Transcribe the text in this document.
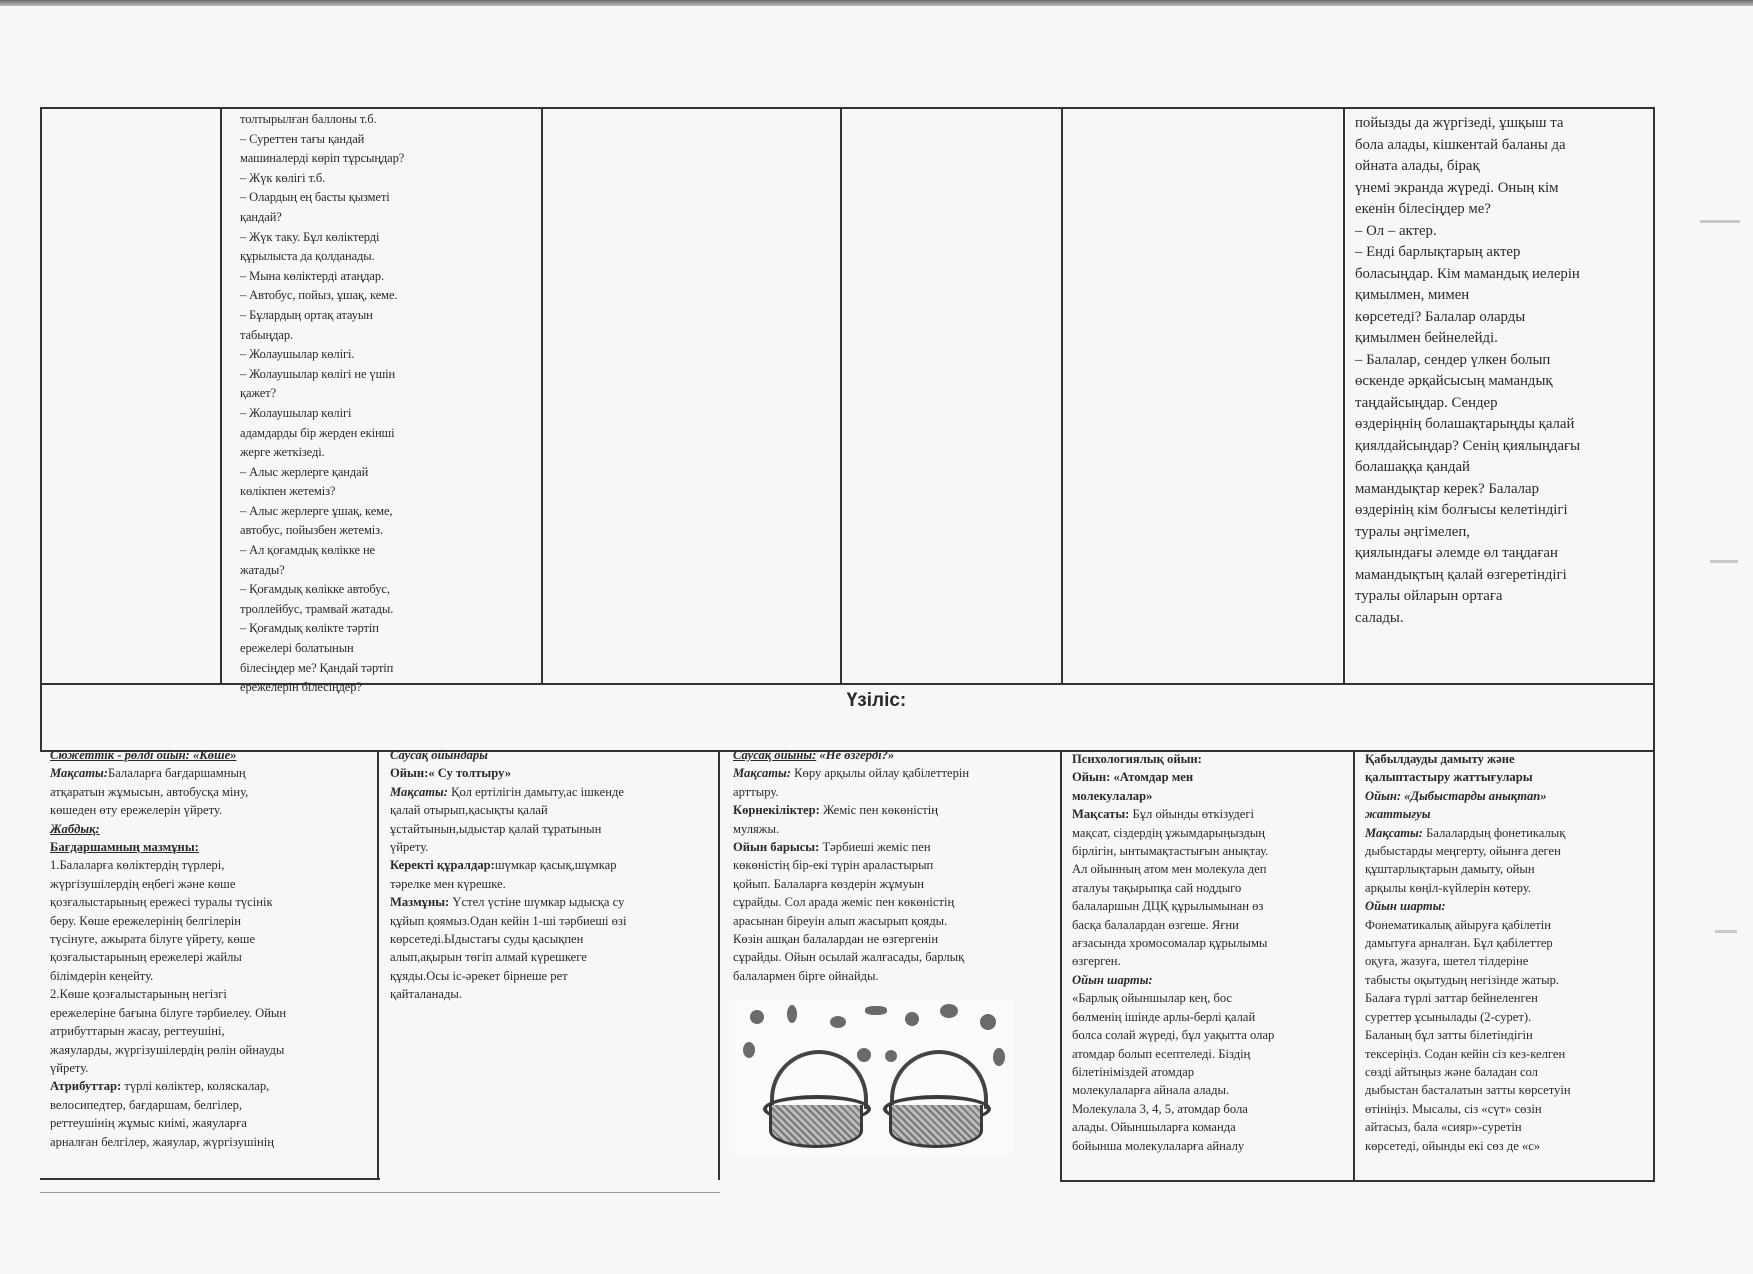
толтырылған баллоны т.б.
– Суреттен тағы қандай
машиналерді көріп тұрсыңдар?
– Жүк көлігі т.б.
– Олардың ең басты қызметі
қандай?
– Жүк таку. Бұл көліктерді
құрылыста да қолданады.
– Мына көліктерді атаңдар.
– Автобус, пойыз, ұшақ, кеме.
– Бұлардың ортақ атауын
табыңдар.
– Жолаушылар көлігі.
– Жолаушылар көлігі не үшін
қажет?
– Жолаушылар көлігі
адамдарды бір жерден екінші
жерге жеткізеді.
– Алыс жерлерге қандай
көлікпен жетеміз?
– Алыс жерлерге ұшақ, кеме,
автобус, пойызбен жетеміз.
– Ал қоғамдық көлікке не
жатады?
– Қоғамдық көлікке автобус,
троллейбус, трамвай жатады.
– Қоғамдық көлікте тәртіп
ережелері болатынын
білесіңдер ме? Қандай тәртіп
ережелерін білесіңдер?
пойызды да жүргізеді, ұшқыш та
бола алады, кішкентай баланы да
ойната алады, бірақ
үнемі экранда жүреді. Оның кім
екенін білесіңдер ме?
– Ол – актер.
– Енді барлықтарың актер
боласыңдар. Кім мамандық иелерін
қимылмен, мимен
көрсетеді? Балалар оларды
қимылмен бейнелейді.
– Балалар, сендер үлкен болып
өскенде әрқайсысың мамандық
таңдайсыңдар. Сендер
өздеріңнің болашақтарыңды қалай
қиялдайсыңдар? Сенің қиялыңдағы
болашаққа қандай
мамандықтар керек? Балалар
өздерінің кім болғысы келетіндігі
туралы әңгімелеп,
қиялындағы әлемде өл таңдаған
мамандықтың қалай өзгеретіндігі
туралы ойларын ортаға
салады.
Үзіліс:
Сюжеттік - рөлді ойын: «Көше»
Мақсаты:Балаларға бағдаршамның
атқаратын жұмысын, автобусқа міну,
көшеден өту ережелерін үйрету.
Жабдық:
Бағдаршамның мазмұны:
1.Балаларға көліктердің түрлері,
жүргізушілердің еңбегі және көше
қозғалыстарының ережесі туралы түсінік
беру. Көше ережелерінің белгілерін
түсінуге, ажырата білуге үйрету, көше
қозғалыстарының ережелері жайлы
білімдерін кеңейту.
2.Көше қозғалыстарының негізгі
ережелеріне бағына білуге тәрбиелеу. Ойын
атрибуттарын жасау, регтеушіні,
жаяуларды, жүргізушілердің рөлін ойнауды
үйрету.
Атрибуттар: түрлі көліктер, коляскалар,
велосипедтер, бағдаршам, белгілер,
реттеушінің жұмыс киімі, жаяуларға
арналған белгілер, жаяулар, жүргізушінің
Саусақ ойындары
Ойын:« Су толтыру»
Мақсаты: Қол epтілігін дамыту,ас ішкенде
қалай отырып,қасықты қалай
ұстайтынын,ыдыстар қалай тұратынын
үйрету.
Керекті құралдар:шүмкар қасық,шұмкар
тәрелке мен күрешке.
Мазмұны: Үстел үстіне шүмкар ыдысқа су
құйып қоямыз.Одан кейін 1-ші тәрбиеші өзі
көрсетеді.Ыдыстағы суды қасықпен
алып,ақырын төгіп алмай күрешкеге
құяды.Осы іс-әрекет бірнеше рет
қайталанады.
Саусақ ойыны: «Не өзгерді?»
Мақсаты: Көру арқылы ойлау қабілеттерін
арттыру.
Көрнекіліктер: Жеміс пен көкөністің
муляжы.
Ойын барысы: Тәрбиеші жеміс пен
көкөністің бір-екі түрін араластырып
қойып. Балаларға көздерін жұмуын
сұрайды. Сол арада жеміс пен көкөністің
арасынан біреуін алып жасырып қояды.
Көзін ашқан балалардан не өзгергенін
сұрайды. Ойын осылай жалғасады, барлық
балалармен бірге ойнайды.
Психологиялық ойын:
Ойын: «Атомдар мен
молекулалар»
Мақсаты: Бұл ойынды өткізудегі
мақсат, сіздердің ұжымдарыңыздың
бірлігін, ынтымақтастығын анықтау.
Ал ойынның атом мен молекула деп
аталуы тақырыпқа сай ноддыго
балаларшын ДЦҚ құрылымынан өз
басқа балалардан өзгеше. Яғни
ағзасында хромосомалар құрылымы
өзгерген.
Ойын шарты:
«Барлық ойыншылар кең, бос
бөлменің ішінде арлы-берлі қалай
болса солай жүреді, бұл уақытта олар
атомдар болып есептеледі. Біздің
білетініміздей атомдар
молекулаларға айнала алады.
Молекулала 3, 4, 5, атомдар бола
алады. Ойыншыларға командa
бойынша молекулаларға айналу
Қабылдауды дамыту және
қалыптастыру жаттығулары
Ойын: «Дыбыстарды анықтап»
жаттығуы
Мақсаты: Балалардың фонетикалық
дыбыстарды меңгерту, ойынға деген
құштарлықтарын дамыту, ойын
арқылы көңіл-күйлерін көтеру.
Ойын шарты:
Фонематикалық айыруға қабілетін
дамытуға арналған. Бұл қабілеттер
оқуға, жазуға, шетел тілдеріне
табысты оқытудың негізінде жатыр.
Балаға түрлі заттар бейнеленген
суреттер ұсынылады (2-сурет).
Баланың бұл затты білетіндігін
тексеріңіз. Содан кейін сіз кез-келген
сөзді айтыңыз және баладан сол
дыбыстан басталатын затты көрсетуін
өтініңіз. Мысалы, сіз «сүт» сөзін
айтасыз, бала «сияр»-суретін
көрсетеді, ойынды екі сөз де «с»
